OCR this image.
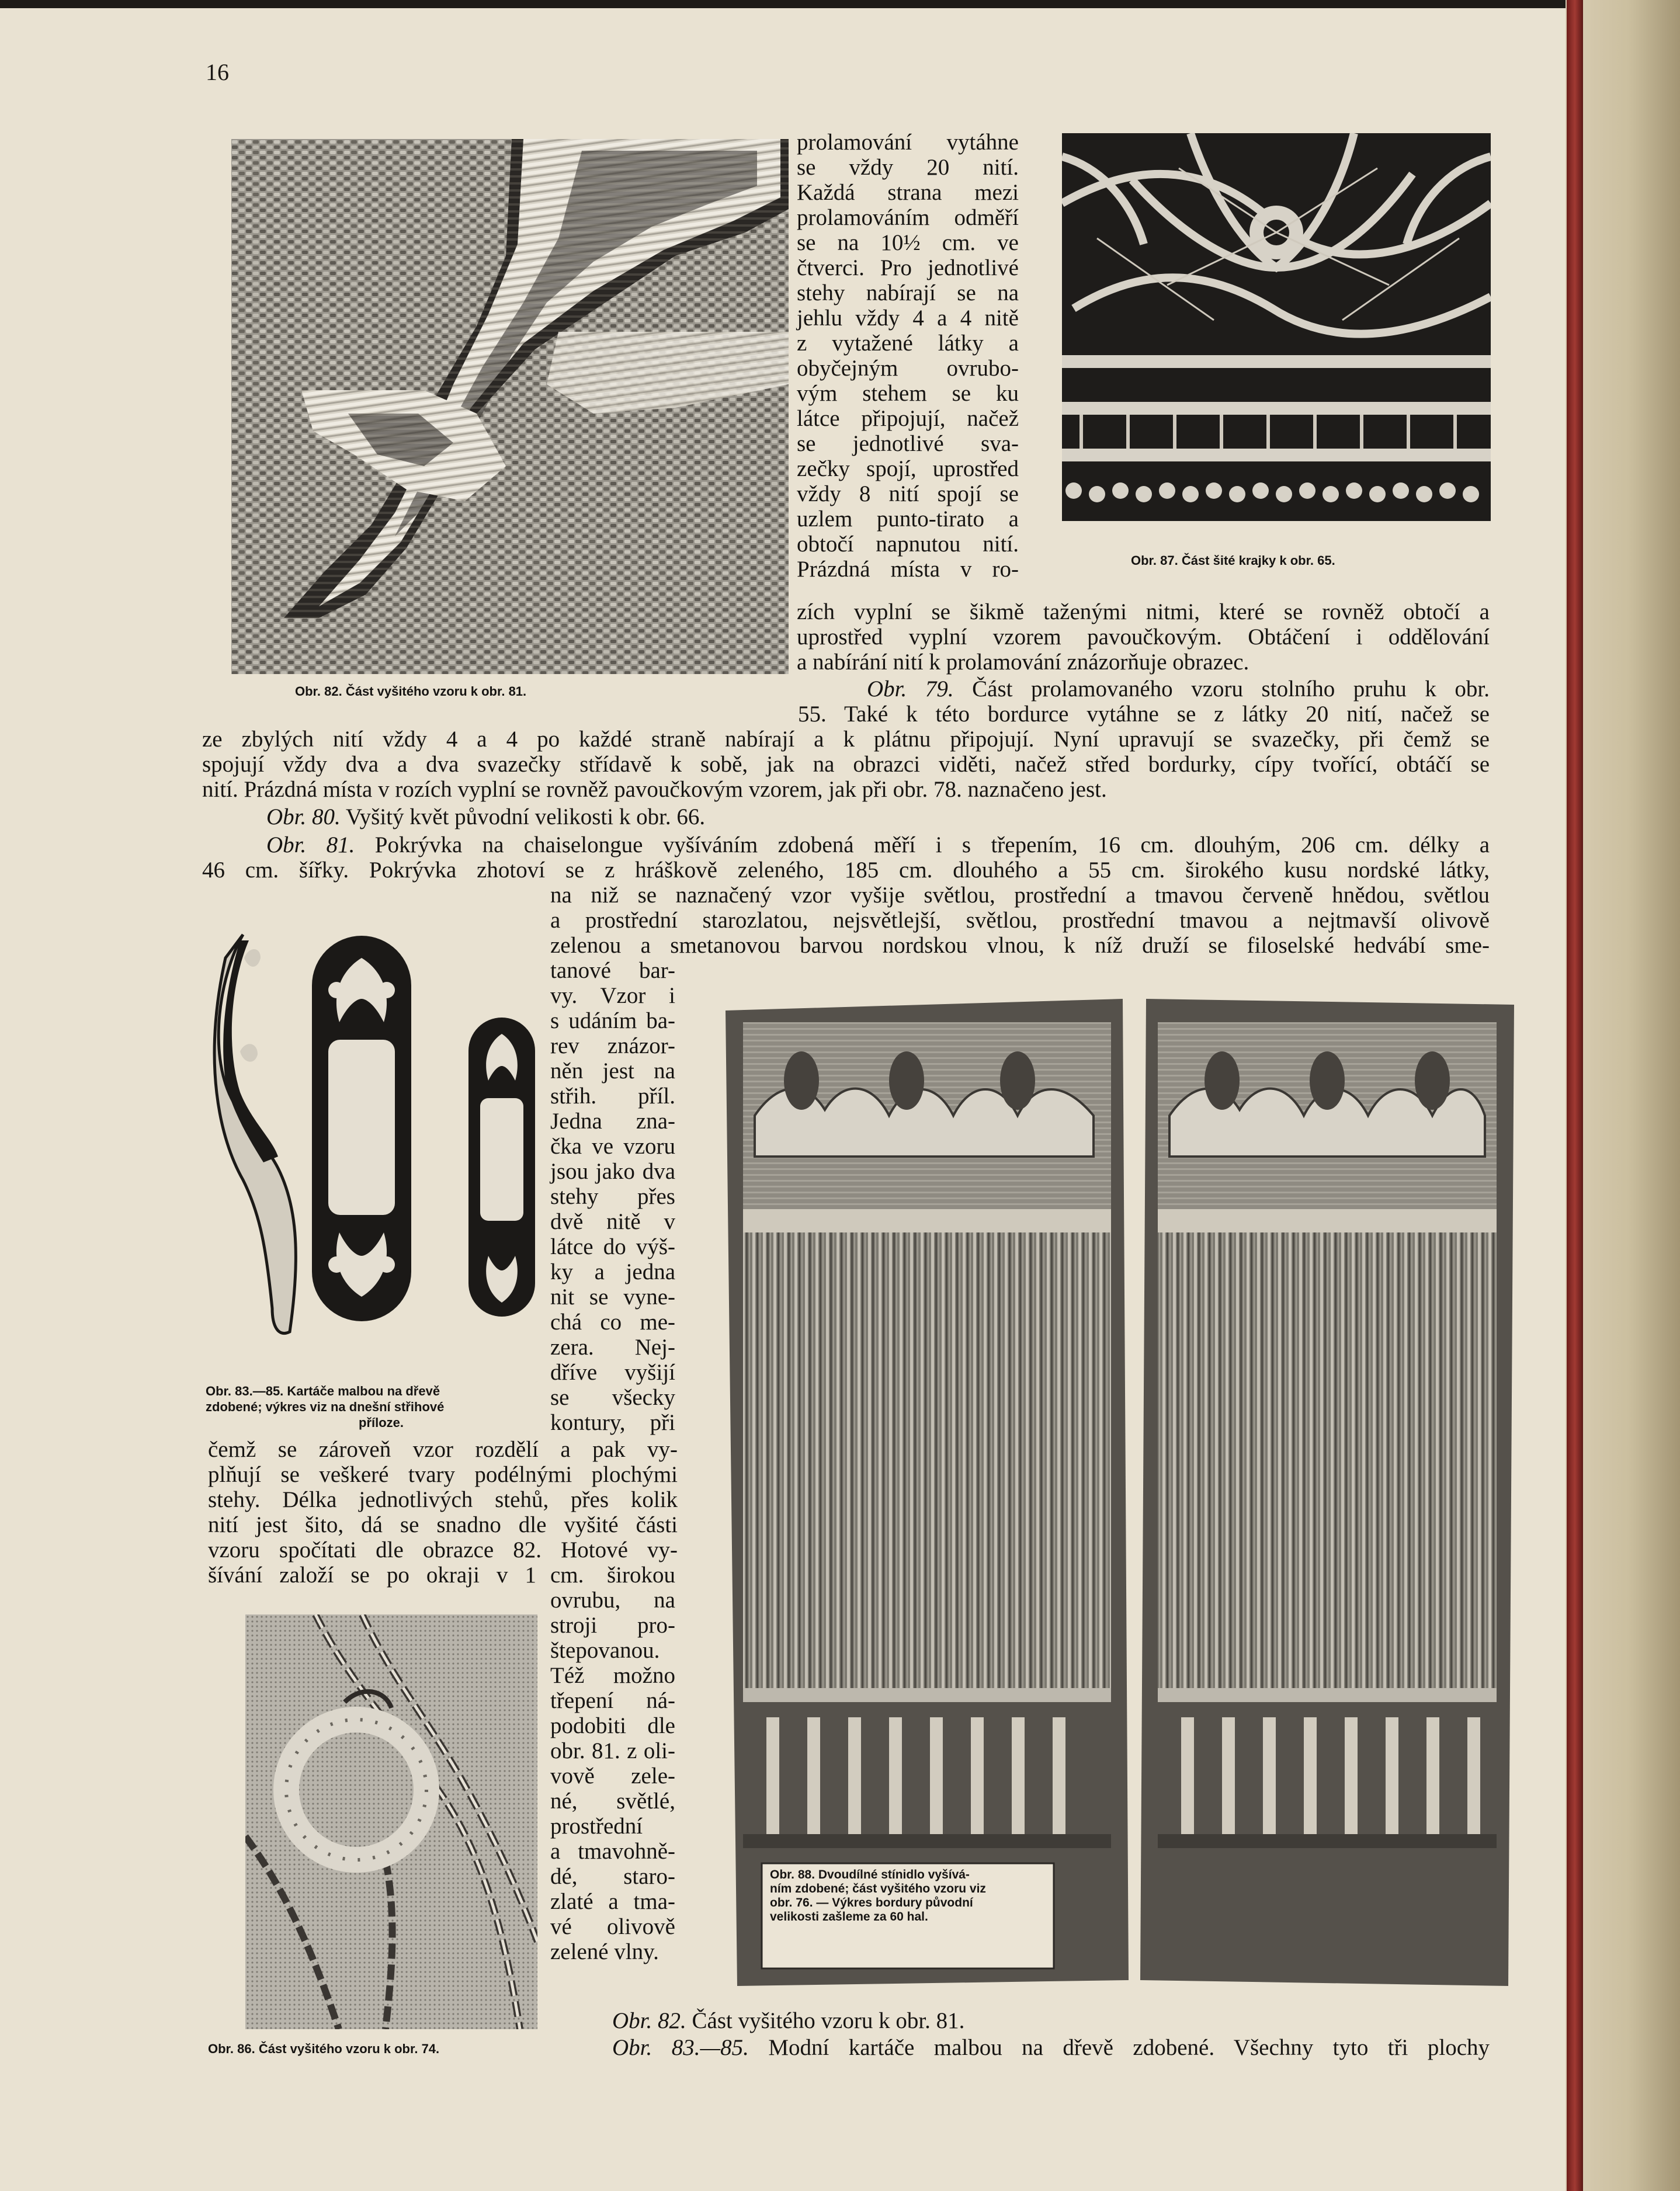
16
Obr. 82. Část vyšitého vzoru k obr. 81.
Obr. 87. Část šité krajky k obr. 65.

prolamování vytáhne

se vždy 20 nití.

Každá strana mezi

prolamováním odměří

se na 10½ cm. ve

čtverci. Pro jednotlivé

stehy nabírají se na

jehlu vždy 4 a 4 nitě

z vytažené látky a

obyčejným ovrubo-

vým stehem se ku

látce připojují, načež

se jednotlivé sva-

zečky spojí, uprostřed

vždy 8 nití spojí se

uzlem punto-tirato a

obtočí napnutou nití.

Prázdná místa v ro-

zích vyplní se šikmě taženými nitmi, které se rovněž obtočí a

uprostřed vyplní vzorem pavoučkovým. Obtáčení i oddělování

a nabírání nití k prolamování znázorňuje obrazec.

Obr. 79. Část prolamovaného vzoru stolního pruhu k obr.

55. Také k této bordurce vytáhne se z látky 20 nití, načež se

ze zbylých nití vždy 4 a 4 po každé straně nabírají a k plátnu připojují. Nyní upravují se svazečky, při čemž se

spojují vždy dva a dva svazečky střídavě k sobě, jak na obrazci viděti, načež střed bordurky, cípy tvořící, obtáčí se

nití. Prázdná místa v rozích vyplní se rovněž pavoučkovým vzorem, jak při obr. 78. naznačeno jest.

Obr. 80. Vyšitý květ původní velikosti k obr. 66.

Obr. 81. Pokrývka na chaiselongue vyšíváním zdobená měří i s třepením, 16 cm. dlouhým, 206 cm. délky a

46 cm. šířky. Pokrývka zhotoví se z hráškově zeleného, 185 cm. dlouhého a 55 cm. širokého kusu nordské látky,

na niž se naznačený vzor vyšije světlou, prostřední a tmavou červeně hnědou, světlou

a prostřední starozlatou, nejsvětlejší, světlou, prostřední tmavou a nejtmavší olivově

zelenou a smetanovou barvou nordskou vlnou, k níž druží se filoselské hedvábí sme-

Obr. 83.—85. Kartáče malbou na dřevě
zdobené; výkres viz na dnešní střihové
příloze.

tanové bar-

vy. Vzor i

s udáním ba-

rev znázor-

něn jest na

střih. příl.

Jedna zna-

čka ve vzoru

jsou jako dva

stehy přes

dvě nitě v

látce do výš-

ky a jedna

nit se vyne-

chá co me-

zera. Nej-

dříve vyšijí

se všecky

kontury, při

čemž se zároveň vzor rozdělí a pak vy-

plňují se veškeré tvary podélnými plochými

stehy. Délka jednotlivých stehů, přes kolik

nití jest šito, dá se snadno dle vyšité části

vzoru spočítati dle obrazce 82. Hotové vy-

šívání založí se po okraji v 1 cm. širokou

Obr. 86. Část vyšitého vzoru k obr. 74.

ovrubu, na

stroji pro-

štepovanou.

Též možno

třepení ná-

podobiti dle

obr. 81. z oli-

vově zele-

né, světlé,

prostřední

a tmavohně-

dé, staro-

zlaté a tma-

vé olivově

zelené vlny.

Obr. 88. Dvoudílné stínidlo vyšívá-
ním zdobené; část vyšitého vzoru viz
obr. 76. — Výkres bordury původní
velikosti zašleme za 60 hal.

Obr. 82. Část vyšitého vzoru k obr. 81.

Obr. 83.—85. Modní kartáče malbou na dřevě zdobené. Všechny tyto tři plochy
